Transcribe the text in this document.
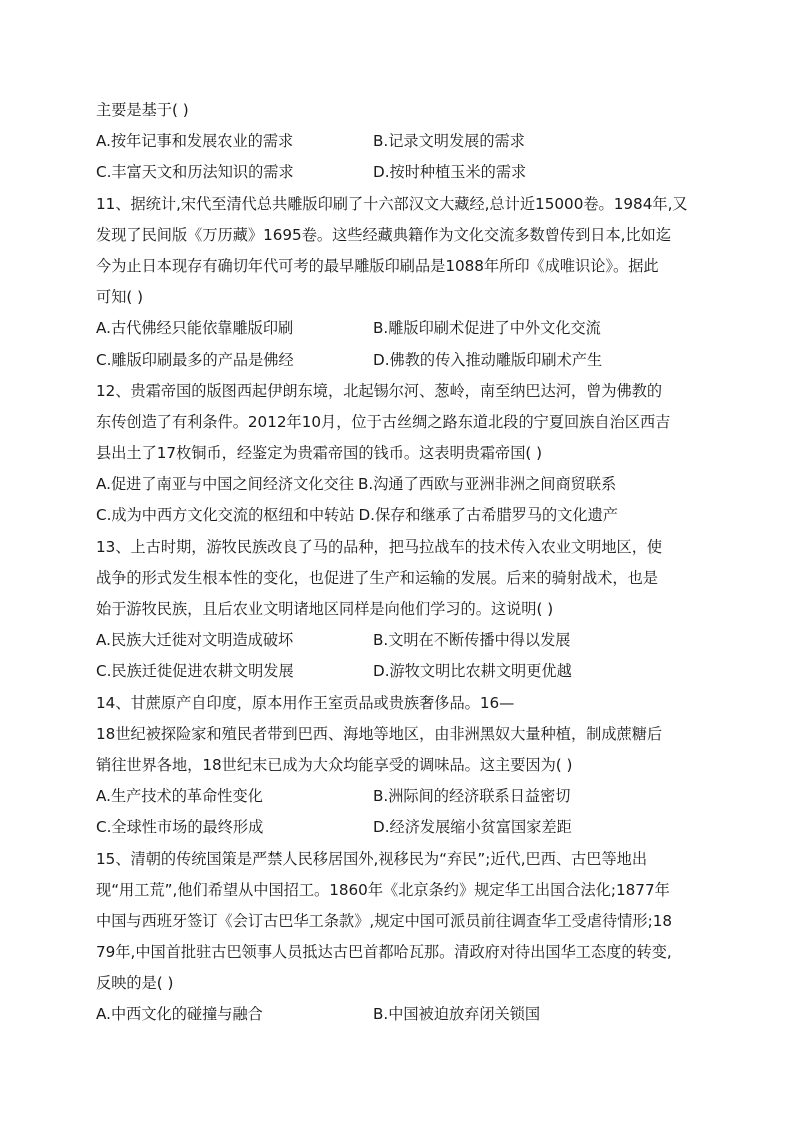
主要是基于( )
A.按年记事和发展农业的需求	B.记录文明发展的需求
C.丰富天文和历法知识的需求	D.按时种植玉米的需求
11、据统计,宋代至清代总共雕版印刷了十六部汉文大藏经,总计近15000卷。1984年,又
发现了民间版《万历藏》1695卷。这些经藏典籍作为文化交流多数曾传到日本,比如迄
今为止日本现存有确切年代可考的最早雕版印刷品是1088年所印《成唯识论》。据此
可知( )
A.古代佛经只能依靠雕版印刷	B.雕版印刷术促进了中外文化交流
C.雕版印刷最多的产品是佛经	D.佛教的传入推动雕版印刷术产生
12、贵霜帝国的版图西起伊朗东境，北起锡尔河、葱岭，南至纳巴达河，曾为佛教的
东传创造了有利条件。2012年10月，位于古丝绸之路东道北段的宁夏回族自治区西吉
县出土了17枚铜币，经鉴定为贵霜帝国的钱币。这表明贵霜帝国( )
A.促进了南亚与中国之间经济文化交往 B.沟通了西欧与亚洲非洲之间商贸联系
C.成为中西方文化交流的枢纽和中转站 D.保存和继承了古希腊罗马的文化遗产
13、上古时期，游牧民族改良了马的品种，把马拉战车的技术传入农业文明地区，使
战争的形式发生根本性的变化，也促进了生产和运输的发展。后来的骑射战术，也是
始于游牧民族，且后农业文明诸地区同样是向他们学习的。这说明( )
A.民族大迁徙对文明造成破坏	B.文明在不断传播中得以发展
C.民族迁徙促进农耕文明发展	D.游牧文明比农耕文明更优越
14、甘蔗原产自印度，原本用作王室贡品或贵族奢侈品。16—
18世纪被探险家和殖民者带到巴西、海地等地区，由非洲黑奴大量种植，制成蔗糖后
销往世界各地，18世纪末已成为大众均能享受的调味品。这主要因为( )
A.生产技术的革命性变化	B.洲际间的经济联系日益密切
C.全球性市场的最终形成	D.经济发展缩小贫富国家差距
15、清朝的传统国策是严禁人民移居国外,视移民为“弃民”;近代,巴西、古巴等地出
现“用工荒”,他们希望从中国招工。1860年《北京条约》规定华工出国合法化;1877年
中国与西班牙签订《会订古巴华工条款》,规定中国可派员前往调查华工受虐待情形;18
79年,中国首批驻古巴领事人员抵达古巴首都哈瓦那。清政府对待出国华工态度的转变,
反映的是( )
A.中西文化的碰撞与融合	B.中国被迫放弃闭关锁国
